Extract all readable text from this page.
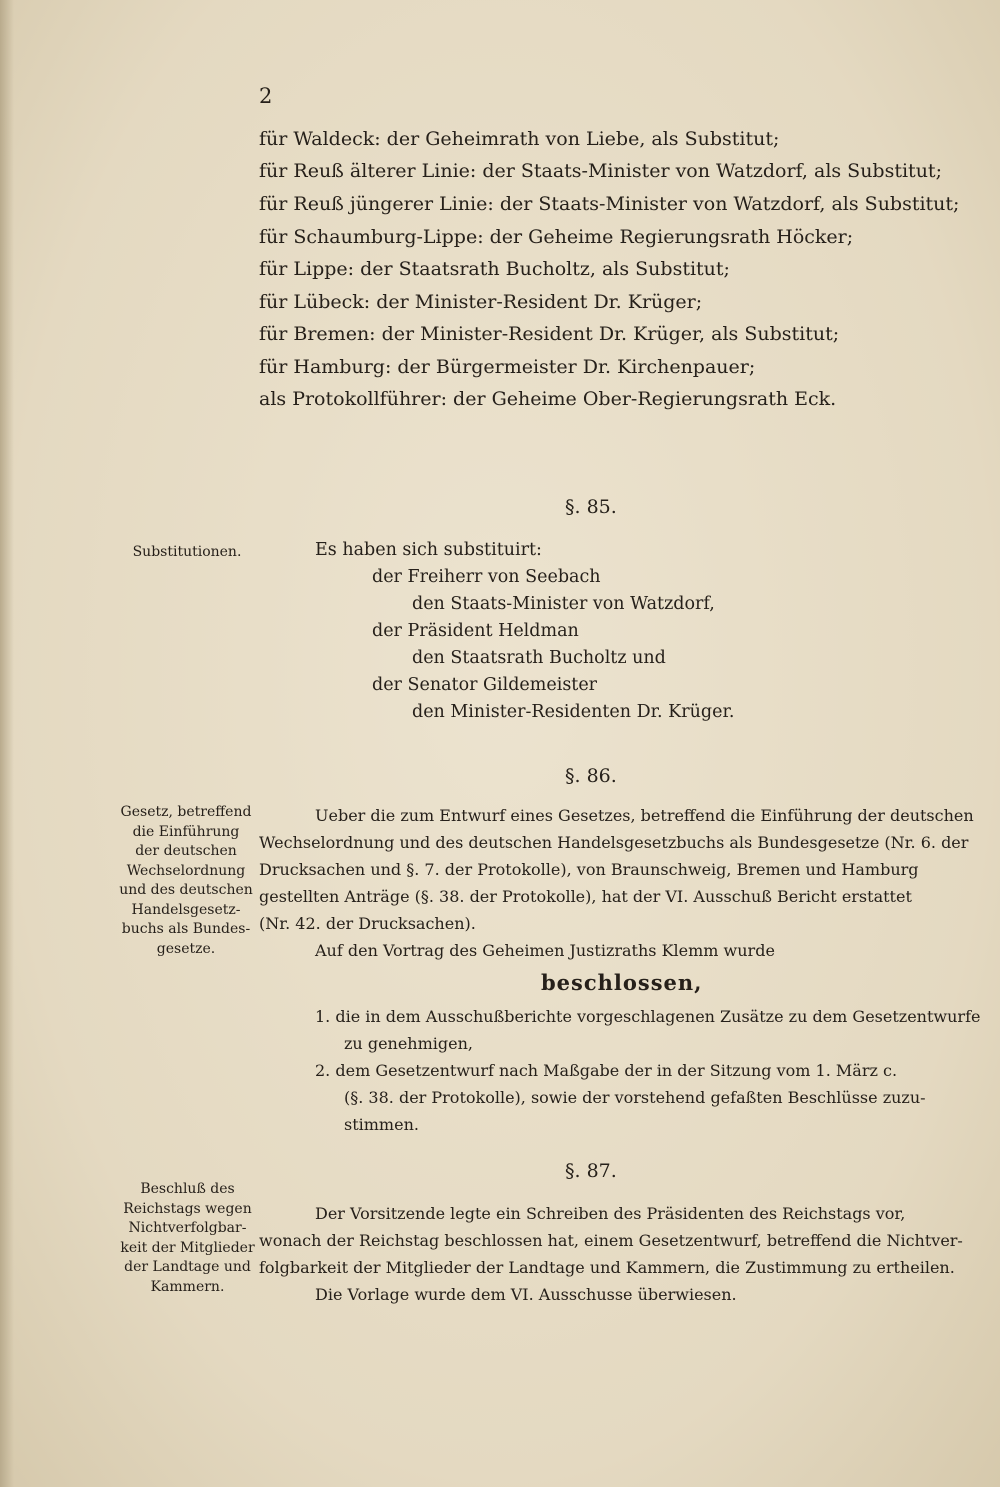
2
für Waldeck: der Geheimrath von Liebe, als Substitut;
für Reuß älterer Linie: der Staats-Minister von Watzdorf, als Substitut;
für Reuß jüngerer Linie: der Staats-Minister von Watzdorf, als Substitut;
für Schaumburg-Lippe: der Geheime Regierungsrath Höcker;
für Lippe: der Staatsrath Bucholtz, als Substitut;
für Lübeck: der Minister-Resident Dr. Krüger;
für Bremen: der Minister-Resident Dr. Krüger, als Substitut;
für Hamburg: der Bürgermeister Dr. Kirchenpauer;
als Protokollführer: der Geheime Ober-Regierungsrath Eck.
§. 85.
Substitutionen.	Es haben sich substituirt:
der Freiherr von Seebach
den Staats-Minister von Watzdorf,
der Präsident Heldman
den Staatsrath Bucholtz und
der Senator Gildemeister
den Minister-Residenten Dr. Krüger.
§. 86.
Gesetz, betreffend
die Einführung
der deutschen
Wechselordnung
und des deutschen
Handelsgesetz-
buchs als Bundes-
gesetze.
Ueber die zum Entwurf eines Gesetzes, betreffend die Einführung der deutschen
Wechselordnung und des deutschen Handelsgesetzbuchs als Bundesgesetze (Nr. 6. der
Drucksachen und §. 7. der Protokolle), von Braunschweig, Bremen und Hamburg
gestellten Anträge (§. 38. der Protokolle), hat der VI. Ausschuß Bericht erstattet
(Nr. 42. der Drucksachen).
Auf den Vortrag des Geheimen Justizraths Klemm wurde
beschlossen,
1. die in dem Ausschußberichte vorgeschlagenen Zusätze zu dem Gesetzentwurfe
zu genehmigen,
2. dem Gesetzentwurf nach Maßgabe der in der Sitzung vom 1. März c.
(§. 38. der Protokolle), sowie der vorstehend gefaßten Beschlüsse zuzu-
stimmen.
§. 87.
Beschluß des
Reichstags wegen
Nichtverfolgbar-
keit der Mitglieder
der Landtage und
Kammern.
Der Vorsitzende legte ein Schreiben des Präsidenten des Reichstags vor,
wonach der Reichstag beschlossen hat, einem Gesetzentwurf, betreffend die Nichtver-
folgbarkeit der Mitglieder der Landtage und Kammern, die Zustimmung zu ertheilen.
Die Vorlage wurde dem VI. Ausschusse überwiesen.
